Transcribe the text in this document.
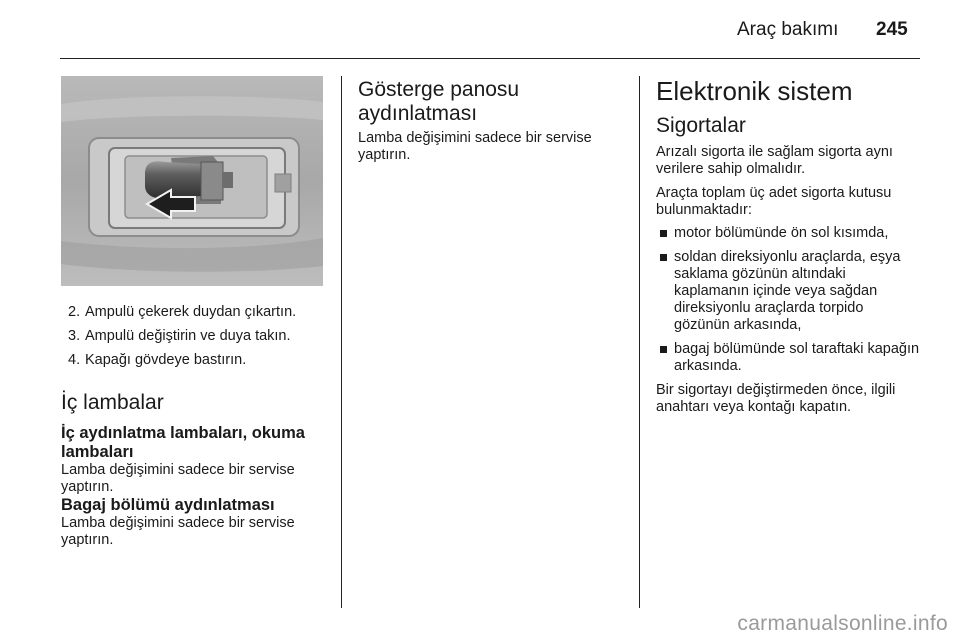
Araç bakımı 245
2. Ampulü çekerek duydan çıkartın.
3. Ampulü değiştirin ve duya takın.
4. Kapağı gövdeye bastırın.
İç lambalar
İç aydınlatma lambaları, okuma lambaları

Lamba değişimini sadece bir servise yaptırın.

Bagaj bölümü aydınlatması

Lamba değişimini sadece bir servise yaptırın.

Gösterge panosu aydınlatması

Lamba değişimini sadece bir servise yaptırın.

Elektronik sistem
Sigortalar

Arızalı sigorta ile sağlam sigorta aynı verilere sahip olmalıdır.

Araçta toplam üç adet sigorta kutusu bulunmaktadır:

motor bölümünde ön sol kısımda,
soldan direksiyonlu araçlarda, eşya saklama gözünün altındaki kaplamanın içinde veya sağdan direksiyonlu araçlarda torpido gözünün arkasında,
bagaj bölümünde sol taraftaki kapağın arkasında.

Bir sigortayı değiştirmeden önce, ilgili anahtarı veya kontağı kapatın.

carmanualsonline.info
